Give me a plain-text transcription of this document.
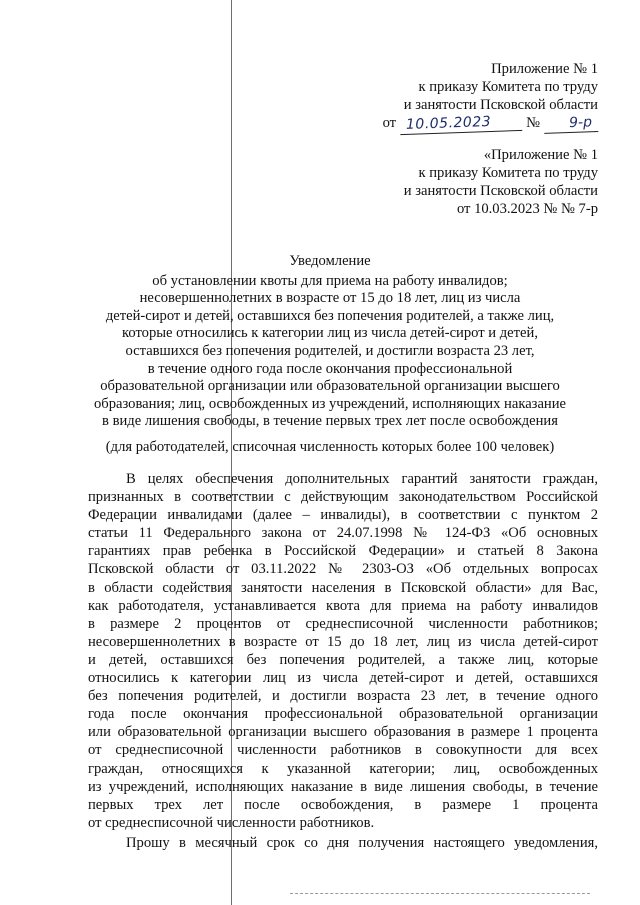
Приложение № 1
к приказу Комитета по труду
и занятости Псковской области
от 10.05.2023	№	9-р
«Приложение № 1
к приказу Комитета по труду
и занятости Псковской области
от 10.03.2023 № № 7-р
Уведомление
об установлении квоты для приема на работу инвалидов;
несовершеннолетних в возрасте от 15 до 18 лет, лиц из числа
детей-сирот и детей, оставшихся без попечения родителей, а также лиц,
которые относились к категории лиц из числа детей-сирот и детей,
оставшихся без попечения родителей, и достигли возраста 23 лет,
в течение одного года после окончания профессиональной
образовательной организации или образовательной организации высшего
образования; лиц, освобожденных из учреждений, исполняющих наказание
в виде лишения свободы, в течение первых трех лет после освобождения
(для работодателей, списочная численность которых более 100 человек)
В целях обеспечения дополнительных гарантий занятости граждан,
признанных в соответствии с действующим законодательством Российской
Федерации инвалидами (далее – инвалиды), в соответствии с пунктом 2
статьи 11 Федерального закона от 24.07.1998 № 124-ФЗ «Об основных
гарантиях прав ребенка в Российской Федерации» и статьей 8 Закона
Псковской области от 03.11.2022 № 2303-ОЗ «Об отдельных вопросах
в области содействия занятости населения в Псковской области» для Вас,
как работодателя, устанавливается квота для приема на работу инвалидов
в размере 2 процентов от среднесписочной численности работников;
несовершеннолетних в возрасте от 15 до 18 лет, лиц из числа детей-сирот
и детей, оставшихся без попечения родителей, а также лиц, которые
относились к категории лиц из числа детей-сирот и детей, оставшихся
без попечения родителей, и достигли возраста 23 лет, в течение одного
года после окончания профессиональной образовательной организации
или образовательной организации высшего образования в размере 1 процента
от среднесписочной численности работников в совокупности для всех
граждан, относящихся к указанной категории; лиц, освобожденных
из учреждений, исполняющих наказание в виде лишения свободы, в течение
первых трех лет после освобождения, в размере 1 процента
от среднесписочной численности работников.
Прошу в месячный срок со дня получения настоящего уведомления,
